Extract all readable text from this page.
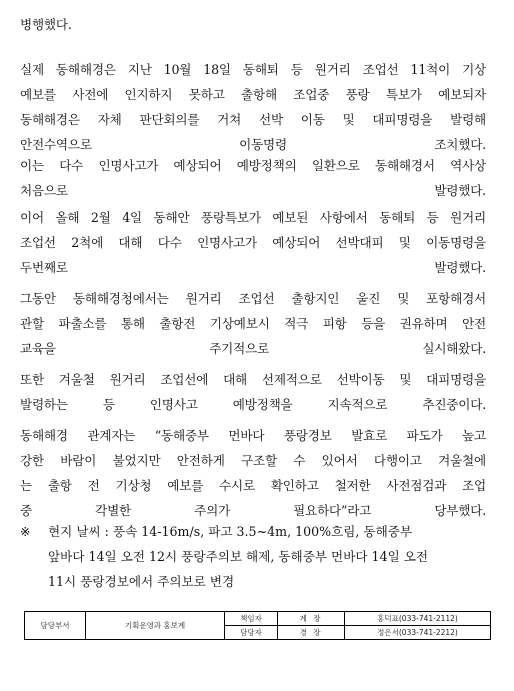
병행했다.
실제 동해해경은 지난 10월 18일 동해퇴 등 원거리 조업선 11척이 기상
예보를 사전에 인지하지 못하고 출항해 조업중 풍랑 특보가 예보되자
동해해경은 자체 판단회의를 거쳐 선박 이동 및 대피명령을 발령해
안전수역으로 이동명령 조치했다.
이는 다수 인명사고가 예상되어 예방정책의 일환으로 동해해경서 역사상
처음으로 발령했다.
이어 올해 2월 4일 동해안 풍랑특보가 예보된 사항에서 동해퇴 등 원거리
조업선 2척에 대해 다수 인명사고가 예상되어 선박대피 및 이동명령을
두번째로 발령했다.
그동안 동해해경청에서는 원거리 조업선 출항지인 울진 및 포항해경서
관할 파출소를 통해 출항전 기상예보시 적극 피항 등을 권유하며 안전
교육을 주기적으로 실시해왔다.
또한 겨울철 원거리 조업선에 대해 선제적으로 선박이동 및 대피명령을
발령하는 등 인명사고 예방정책을 지속적으로 추진중이다.
동해해경 관계자는 “동해중부 먼바다 풍랑경보 발효로 파도가 높고
강한 바람이 불었지만 안전하게 구조할 수 있어서 다행이고 겨울철에
는 출항 전 기상청 예보를 수시로 확인하고 철저한 사전점검과 조업
중 각별한 주의가 필요하다”라고 당부했다.
※	현지 날씨 : 풍속 14-16m/s, 파고 3.5~4m, 100%흐림, 동해중부
앞바다 14일 오전 12시 풍랑주의보 해제, 동해중부 먼바다 14일 오전
11시 풍랑경보에서 주의보로 변경
담당부서	기획운영과 홍보계	책임자	계 장	홍덕표(033-741-2112)
		담당자	경 장	정은서(033-741-2212)
